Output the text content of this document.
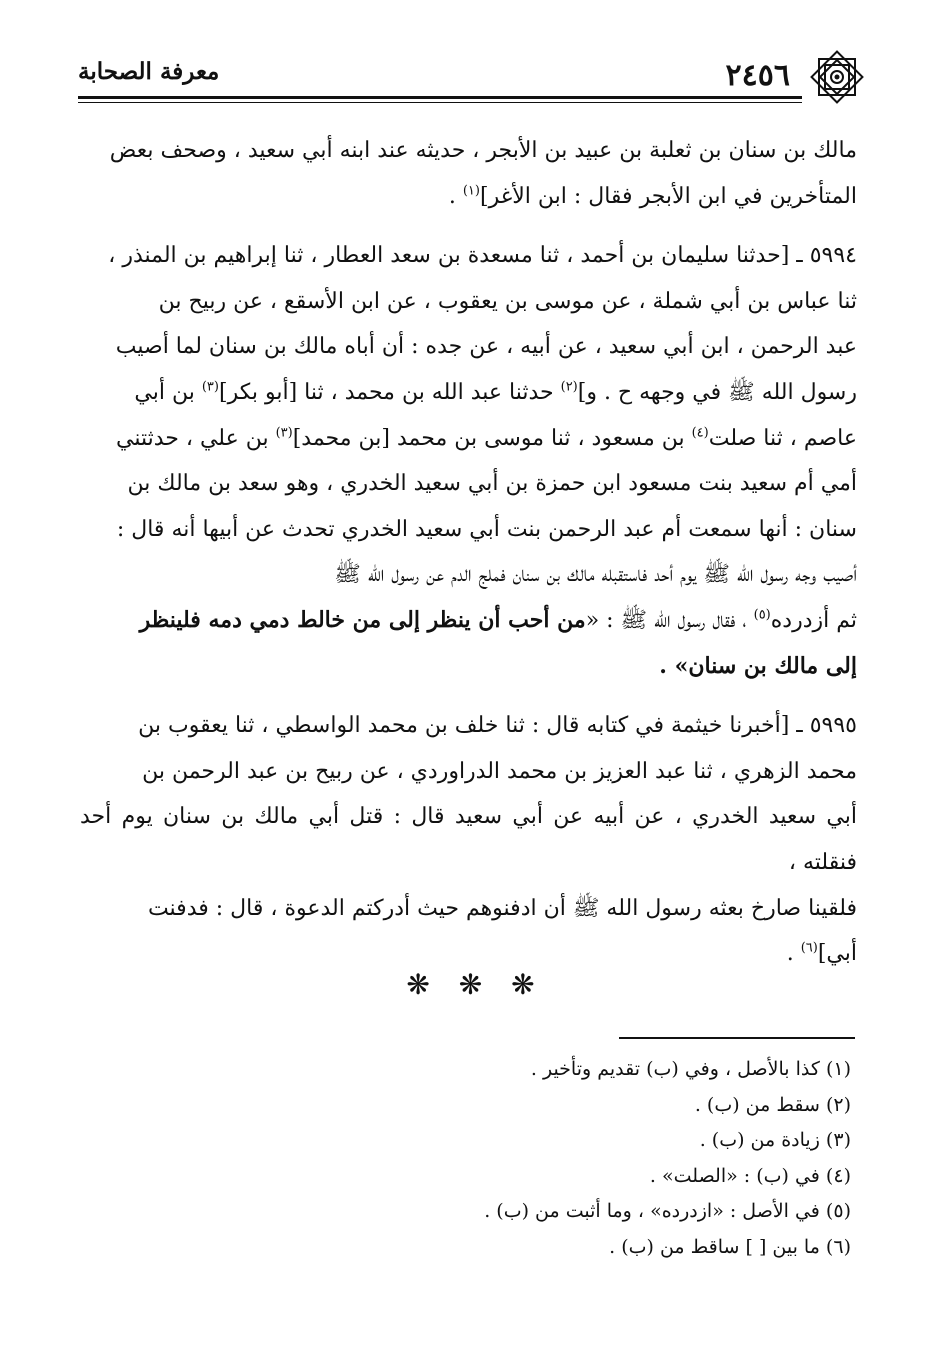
٢٤٥٦
معرفة الصحابة

مالك بن سنان بن ثعلبة بن عبيد بن الأبجر ، حديثه عند ابنه أبي سعيد ، وصحف بعض

المتأخرين في ابن الأبجر فقال : ابن الأغر]$^{(١)}$ .

٥٩٩٤ ـ [حدثنا سليمان بن أحمد ، ثنا مسعدة بن سعد العطار ، ثنا إبراهيم بن المنذر ،

ثنا عباس بن أبي شملة ، عن موسى بن يعقوب ، عن ابن الأسقع ، عن ربيح بن

عبد الرحمن ، ابن أبي سعيد ، عن أبيه ، عن جده : أن أباه مالك بن سنان لما أصيب

رسول الله ﷺ في وجهه ح . و]$^{(٢)}$ حدثنا عبد الله بن محمد ، ثنا [أبو بكر]$^{(٣)}$ بن أبي

عاصم ، ثنا صلت$^{(٤)}$ بن مسعود ، ثنا موسى بن محمد [بن محمد]$^{(٣)}$ بن علي ، حدثتني

أمي أم سعيد بنت مسعود ابن حمزة بن أبي سعيد الخدري ، وهو سعد بن مالك بن

سنان : أنها سمعت أم عبد الرحمن بنت أبي سعيد الخدري تحدث عن أبيها أنه قال :

أصيب وجه رسول الله ﷺ يوم أحد فاستقبله مالك بن سنان فملج الدم عن رسول الله ﷺ

ثم أزدرده$^{(٥)}$ ، فقال رسول الله ﷺ : «من أحب أن ينظر إلى من خالط دمي دمه فلينظر

إلى مالك بن سنان» .

٥٩٩٥ ـ [أخبرنا خيثمة في كتابه قال : ثنا خلف بن محمد الواسطي ، ثنا يعقوب بن

محمد الزهري ، ثنا عبد العزيز بن محمد الدراوردي ، عن ربيح بن عبد الرحمن بن

أبي سعيد الخدري ، عن أبيه عن أبي سعيد قال : قتل أبي مالك بن سنان يوم أحد فنقلته ،

فلقينا صارخ بعثه رسول الله ﷺ أن ادفنوهم حيث أدركتم الدعوة ، قال : فدفنت

أبي]$^{(٦)}$ .

❋ ❋ ❋

(١) كذا بالأصل ، وفي (ب) تقديم وتأخير .

(٢) سقط من (ب) .

(٣) زيادة من (ب) .

(٤) في (ب) : «الصلت» .

(٥) في الأصل : «ازدرده» ، وما أثبت من (ب) .

(٦) ما بين [ ] ساقط من (ب) .
